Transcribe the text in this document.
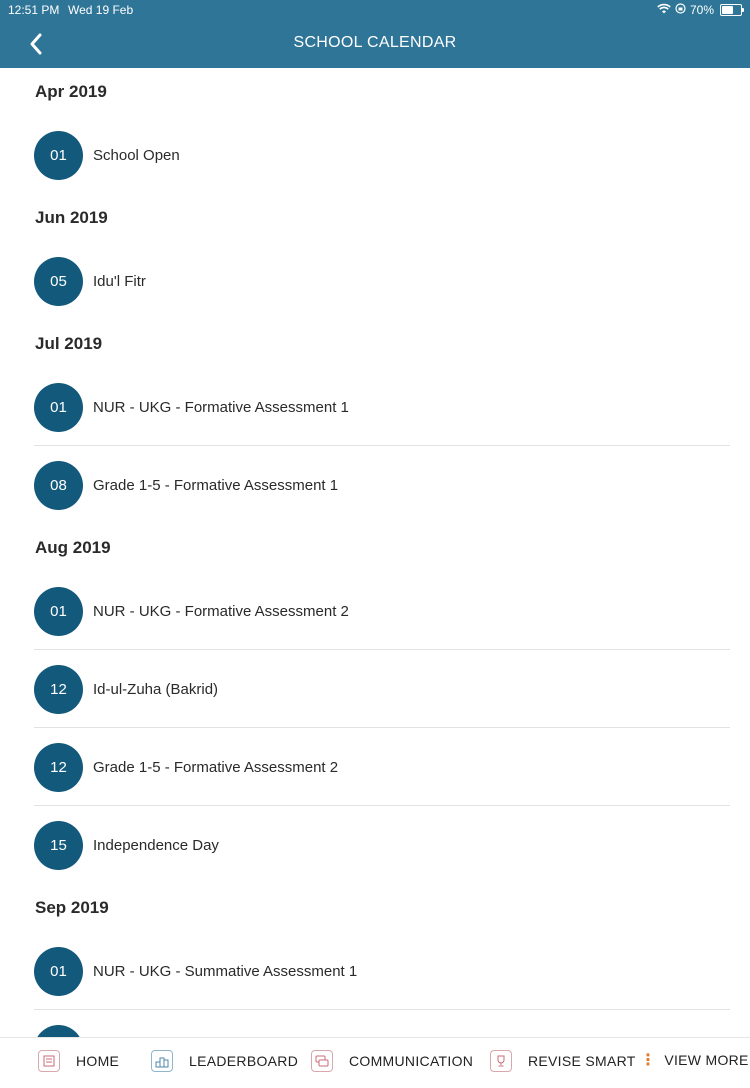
12:51 PM Wed 19 Feb	70%
SCHOOL CALENDAR
Apr 2019
01	School Open
Jun 2019
05	Idu'l Fitr
Jul 2019
01	NUR - UKG - Formative Assessment 1
08	Grade 1-5 - Formative Assessment 1
Aug 2019
01	NUR - UKG - Formative Assessment 2
12	Id-ul-Zuha (Bakrid)
12	Grade 1-5 - Formative Assessment 2
15	Independence Day
Sep 2019
01	NUR - UKG - Summative Assessment 1
HOME	LEADERBOARD	COMMUNICATION	REVISE SMART ⋮ VIEW MORE
